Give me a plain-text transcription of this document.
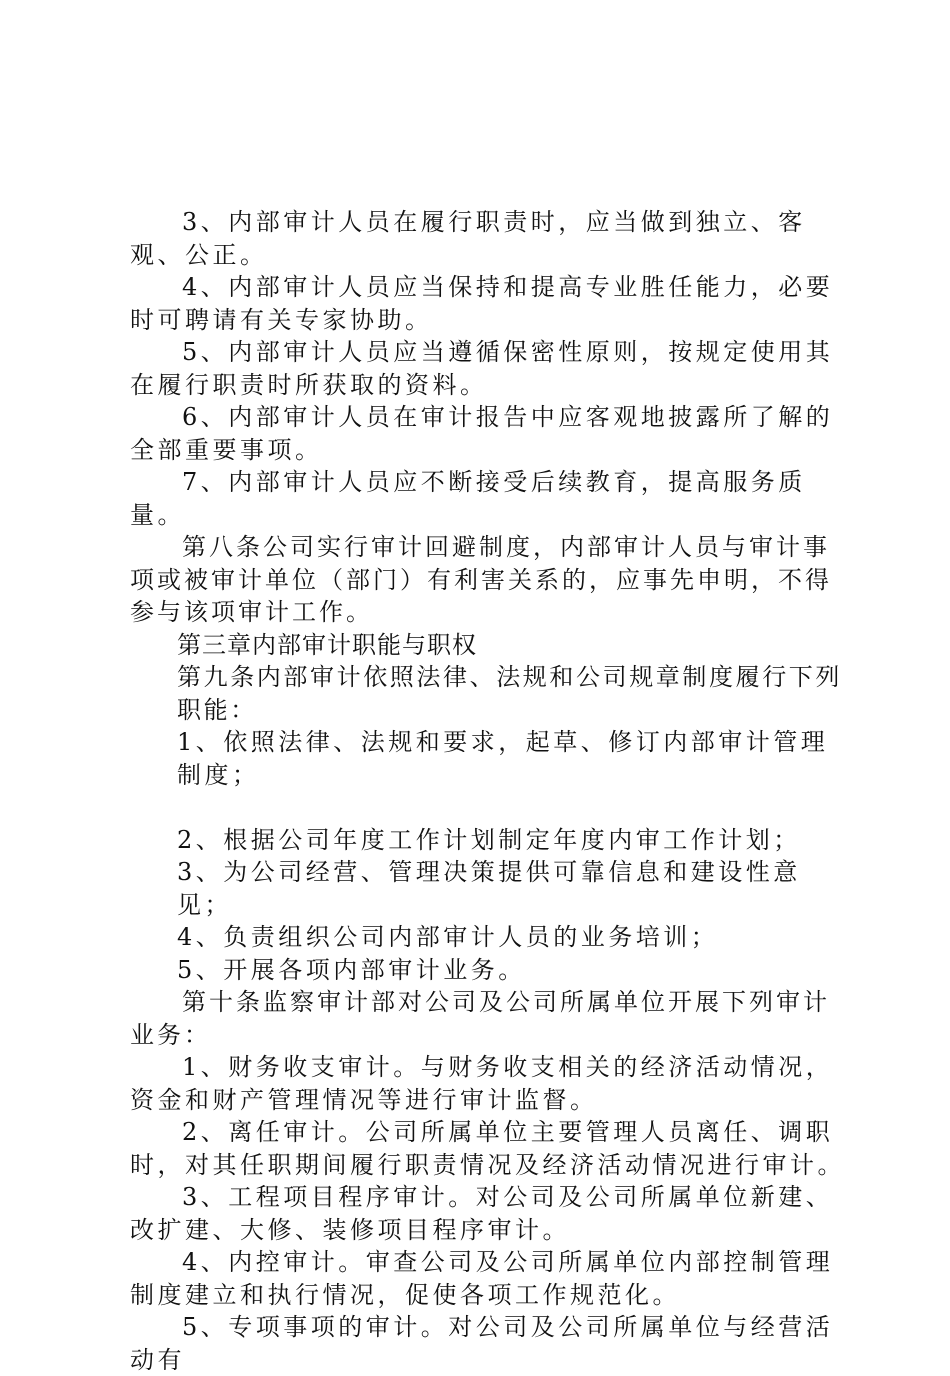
3、内部审计人员在履行职责时，应当做到独立、客观、公正。

4、内部审计人员应当保持和提高专业胜任能力，必要时可聘请有关专家协助。

5、内部审计人员应当遵循保密性原则，按规定使用其在履行职责时所获取的资料。

6、内部审计人员在审计报告中应客观地披露所了解的全部重要事项。

7、内部审计人员应不断接受后续教育，提高服务质量。

第八条公司实行审计回避制度，内部审计人员与审计事项或被审计单位（部门）有利害关系的，应事先申明，不得参与该项审计工作。

第三章内部审计职能与职权

第九条内部审计依照法律、法规和公司规章制度履行下列职能：

1、依照法律、法规和要求，起草、修订内部审计管理制度；

2、根据公司年度工作计划制定年度内审工作计划；

3、为公司经营、管理决策提供可靠信息和建设性意见；

4、负责组织公司内部审计人员的业务培训；

5、开展各项内部审计业务。

第十条监察审计部对公司及公司所属单位开展下列审计业务：

1、财务收支审计。与财务收支相关的经济活动情况，资金和财产管理情况等进行审计监督。

2、离任审计。公司所属单位主要管理人员离任、调职时，对其任职期间履行职责情况及经济活动情况进行审计。

3、工程项目程序审计。对公司及公司所属单位新建、改扩建、大修、装修项目程序审计。

4、内控审计。审查公司及公司所属单位内部控制管理制度建立和执行情况，促使各项工作规范化。

5、专项事项的审计。对公司及公司所属单位与经营活动有
